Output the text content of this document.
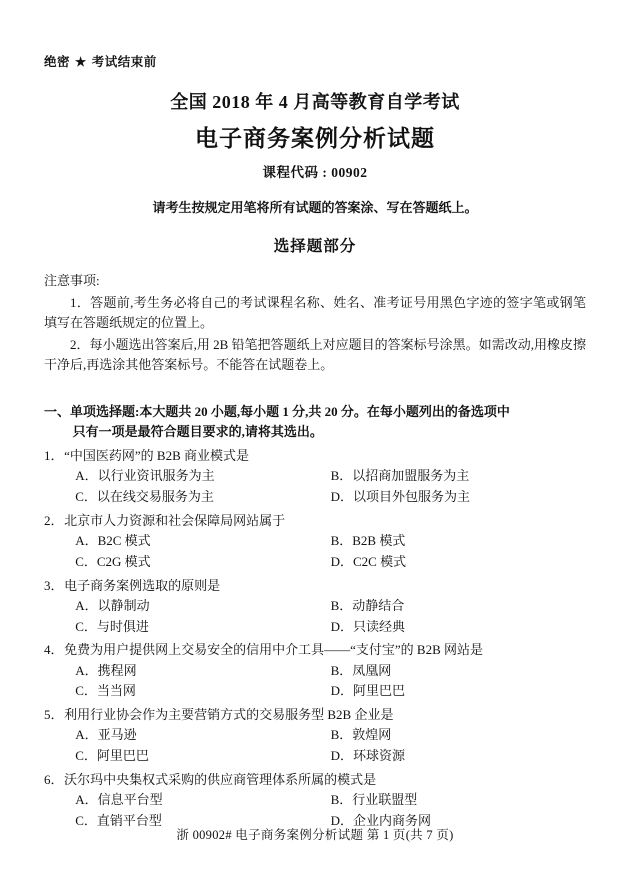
绝密 ★ 考试结束前
全国 2018 年 4 月高等教育自学考试
电子商务案例分析试题
课程代码 : 00902
请考生按规定用笔将所有试题的答案涂、写在答题纸上。
选择题部分
注意事项:
1．答题前,考生务必将自己的考试课程名称、姓名、准考证号用黑色字迹的签字笔或钢笔填写在答题纸规定的位置上。
2．每小题选出答案后,用 2B 铅笔把答题纸上对应题目的答案标号涂黑。如需改动,用橡皮擦干净后,再选涂其他答案标号。不能答在试题卷上。
一、单项选择题:本大题共 20 小题,每小题 1 分,共 20 分。在每小题列出的备选项中
只有一项是最符合题目要求的,请将其选出。
1．“中国医药网”的 B2B 商业模式是
A．以行业资讯服务为主	B．以招商加盟服务为主
C．以在线交易服务为主	D．以项目外包服务为主
2．北京市人力资源和社会保障局网站属于
A．B2C 模式	B．B2B 模式
C．C2G 模式	D．C2C 模式
3．电子商务案例选取的原则是
A．以静制动	B．动静结合
C．与时俱进	D．只读经典
4．免费为用户提供网上交易安全的信用中介工具——“支付宝”的 B2B 网站是
A．携程网	B．凤凰网
C．当当网	D．阿里巴巴
5．利用行业协会作为主要营销方式的交易服务型 B2B 企业是
A．亚马逊	B．敦煌网
C．阿里巴巴	D．环球资源
6．沃尔玛中央集权式采购的供应商管理体系所属的模式是
A．信息平台型	B．行业联盟型
C．直销平台型	D．企业内商务网
浙 00902# 电子商务案例分析试题 第 1 页(共 7 页)
